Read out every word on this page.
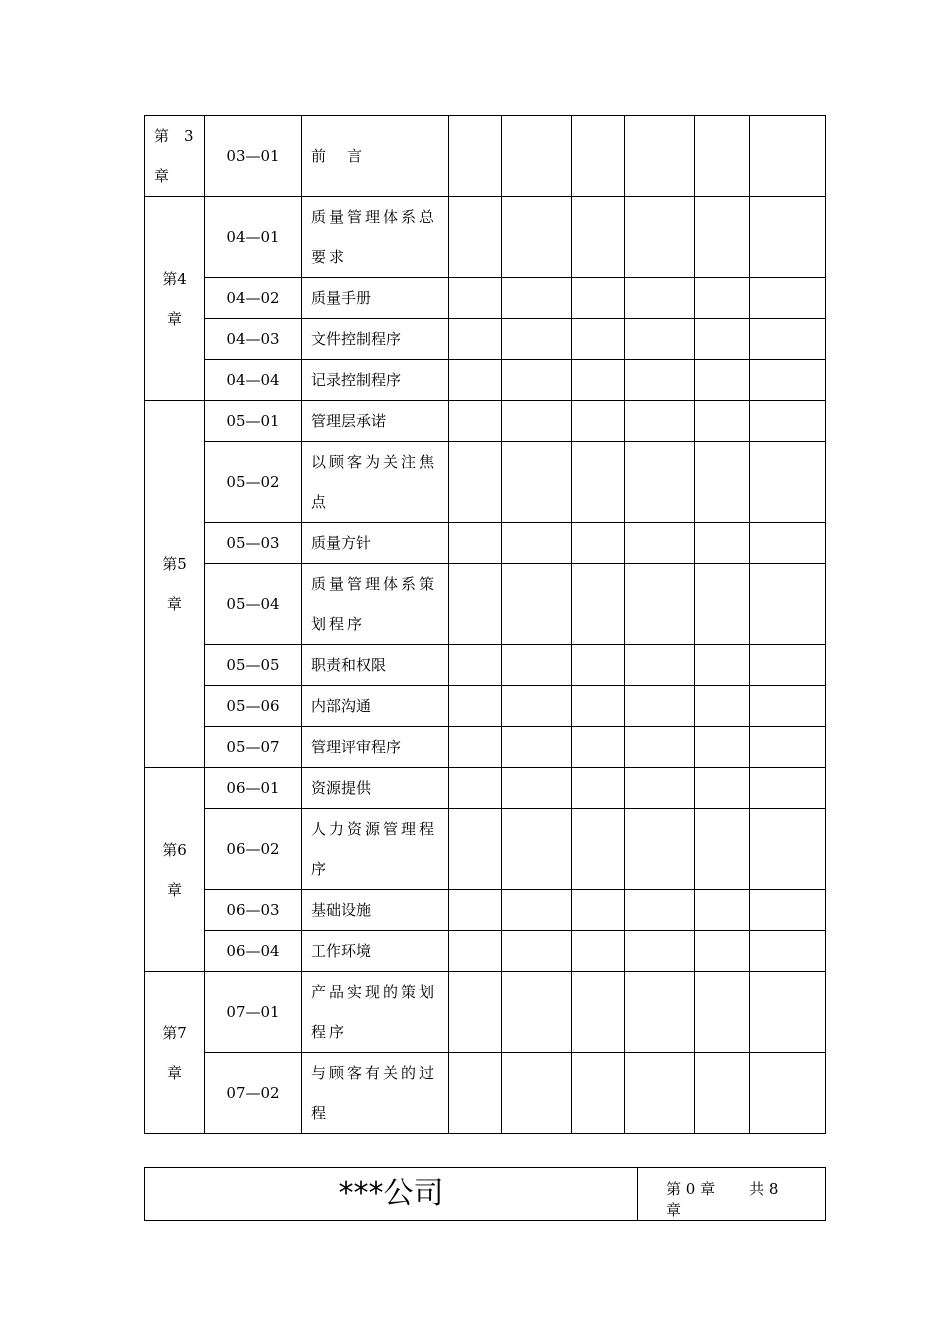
第　3章	03—01	前　言						

第4章	04—01	质量管理体系总要求						
	04—02	质量手册						
	04—03	文件控制程序						
	04—04	记录控制程序						

第5章	05—01	管理层承诺						
	05—02	以顾客为关注焦点						
	05—03	质量方针						
	05—04	质量管理体系策划程序						
	05—05	职责和权限						
	05—06	内部沟通						
	05—07	管理评审程序						

第6章	06—01	资源提供						
	06—02	人力资源管理程序						
	06—03	基础设施						
	06—04	工作环境						

第7章	07—01	产品实现的策划程序						
	07—02	与顾客有关的过程						
***公司	第 0 章 共 8 章
